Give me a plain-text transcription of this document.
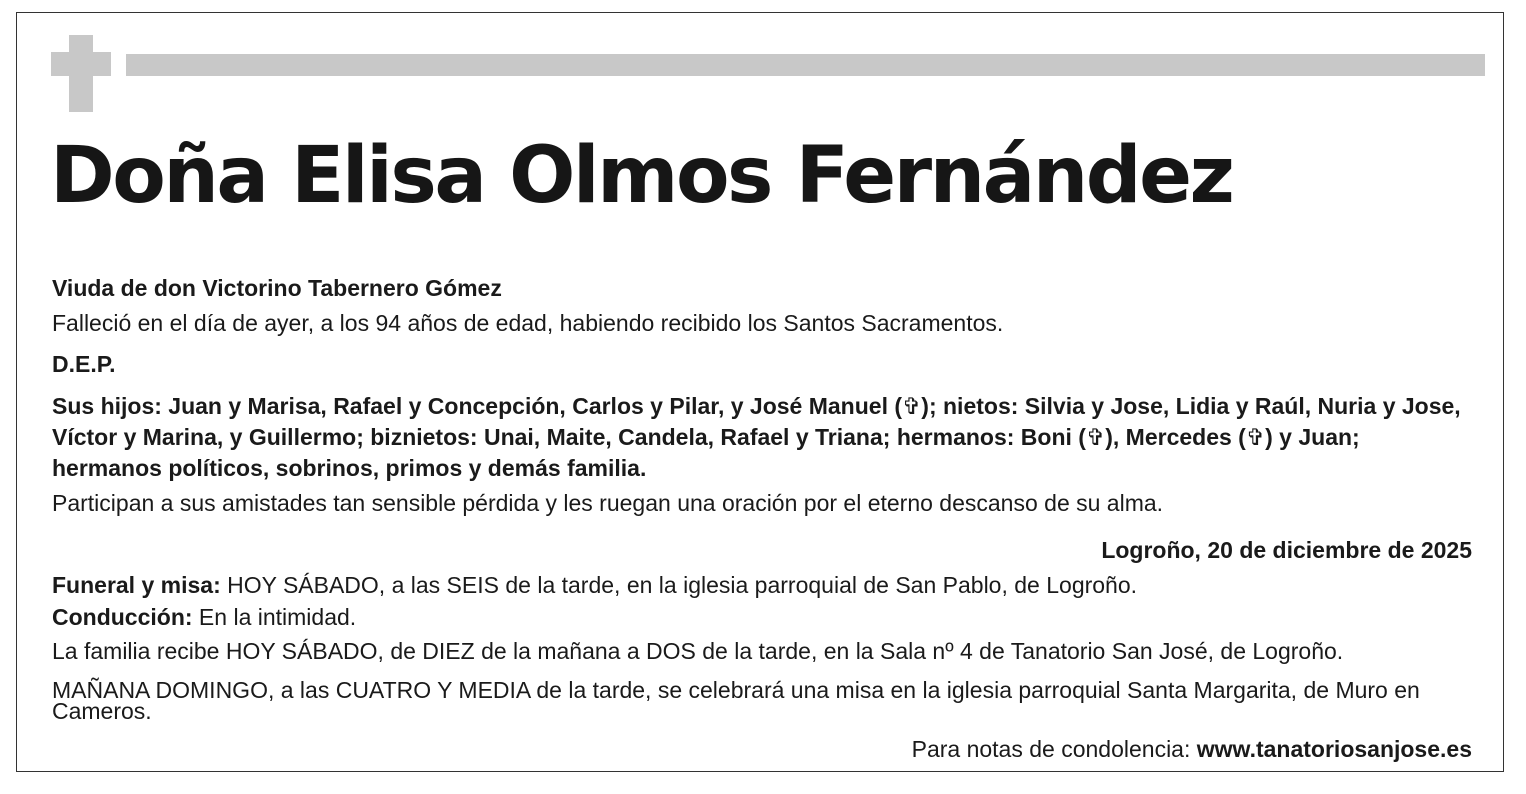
Doña Elisa Olmos Fernández
Viuda de don Victorino Tabernero Gómez
Falleció en el día de ayer, a los 94 años de edad, habiendo recibido los Santos Sacramentos.
D.E.P.
Sus hijos: Juan y Marisa, Rafael y Concepción, Carlos y Pilar, y José Manuel (✞); nietos: Silvia y Jose, Lidia y Raúl, Nuria y Jose, Víctor y Marina, y Guillermo; biznietos: Unai, Maite, Candela, Rafael y Triana; hermanos: Boni (✞), Mercedes (✞) y Juan; hermanos políticos, sobrinos, primos y demás familia.
Participan a sus amistades tan sensible pérdida y les ruegan una oración por el eterno descanso de su alma.
Logroño, 20 de diciembre de 2025
Funeral y misa: HOY SÁBADO, a las SEIS de la tarde, en la iglesia parroquial de San Pablo, de Logroño.
Conducción: En la intimidad.
La familia recibe HOY SÁBADO, de DIEZ de la mañana a DOS de la tarde, en la Sala nº 4 de Tanatorio San José, de Logroño.
MAÑANA DOMINGO, a las CUATRO Y MEDIA de la tarde, se celebrará una misa en la iglesia parroquial Santa Margarita, de Muro en Cameros.
Para notas de condolencia: www.tanatoriosanjose.es
